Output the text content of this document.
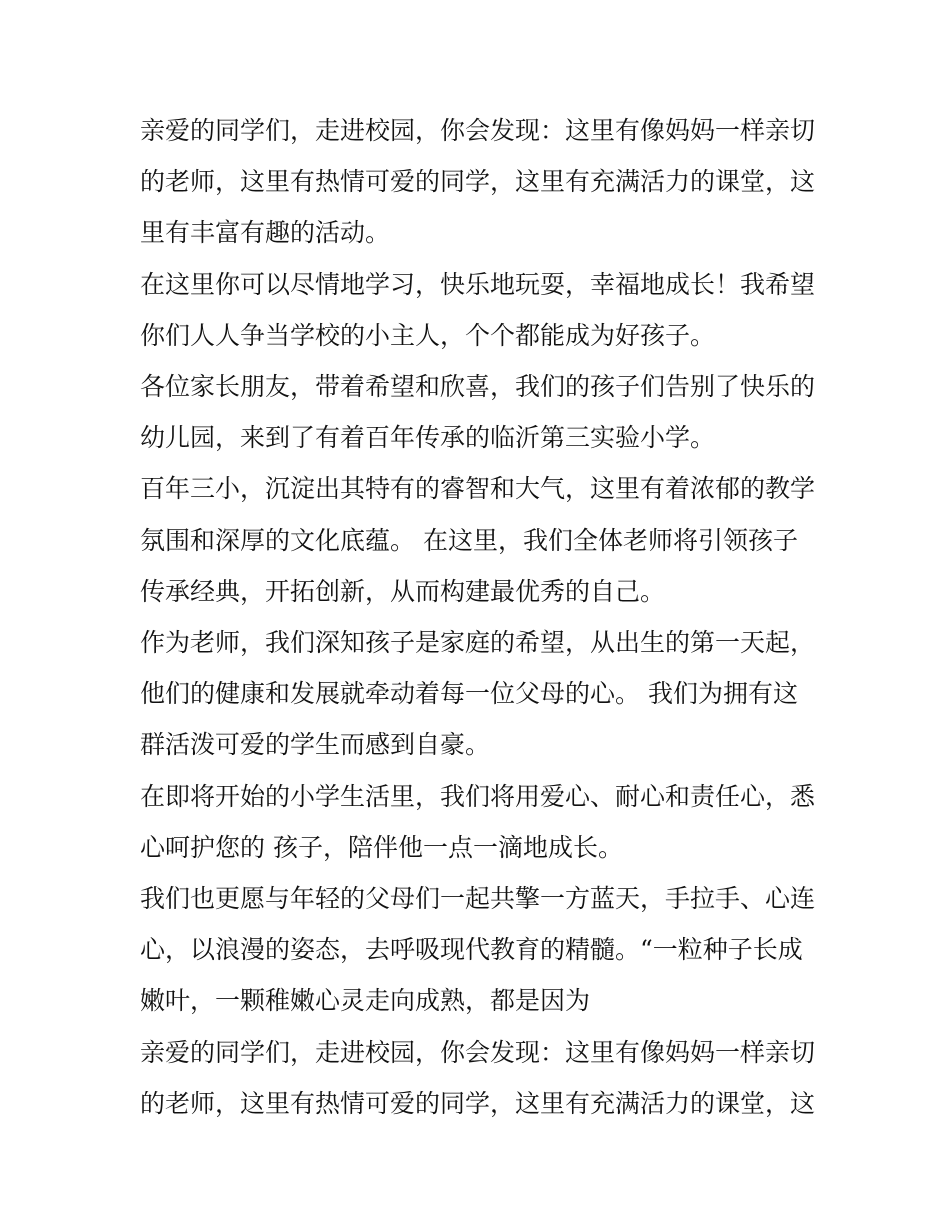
亲爱的同学们，走进校园，你会发现：这里有像妈妈一样亲切的老师，这里有热情可爱的同学，这里有充满活力的课堂，这里有丰富有趣的活动。

在这里你可以尽情地学习，快乐地玩耍，幸福地成长！我希望你们人人争当学校的小主人，个个都能成为好孩子。

各位家长朋友，带着希望和欣喜，我们的孩子们告别了快乐的幼儿园，来到了有着百年传承的临沂第三实验小学。

百年三小，沉淀出其特有的睿智和大气，这里有着浓郁的教学氛围和深厚的文化底蕴。 在这里，我们全体老师将引领孩子传承经典，开拓创新，从而构建最优秀的自己。

作为老师，我们深知孩子是家庭的希望，从出生的第一天起，他们的健康和发展就牵动着每一位父母的心。 我们为拥有这群活泼可爱的学生而感到自豪。

在即将开始的小学生活里，我们将用爱心、耐心和责任心，悉心呵护您的 孩子，陪伴他一点一滴地成长。

我们也更愿与年轻的父母们一起共擎一方蓝天，手拉手、心连心，以浪漫的姿态，去呼吸现代教育的精髓。“一粒种子长成嫩叶，一颗稚嫩心灵走向成熟，都是因为

亲爱的同学们，走进校园，你会发现：这里有像妈妈一样亲切的老师，这里有热情可爱的同学，这里有充满活力的课堂，这
